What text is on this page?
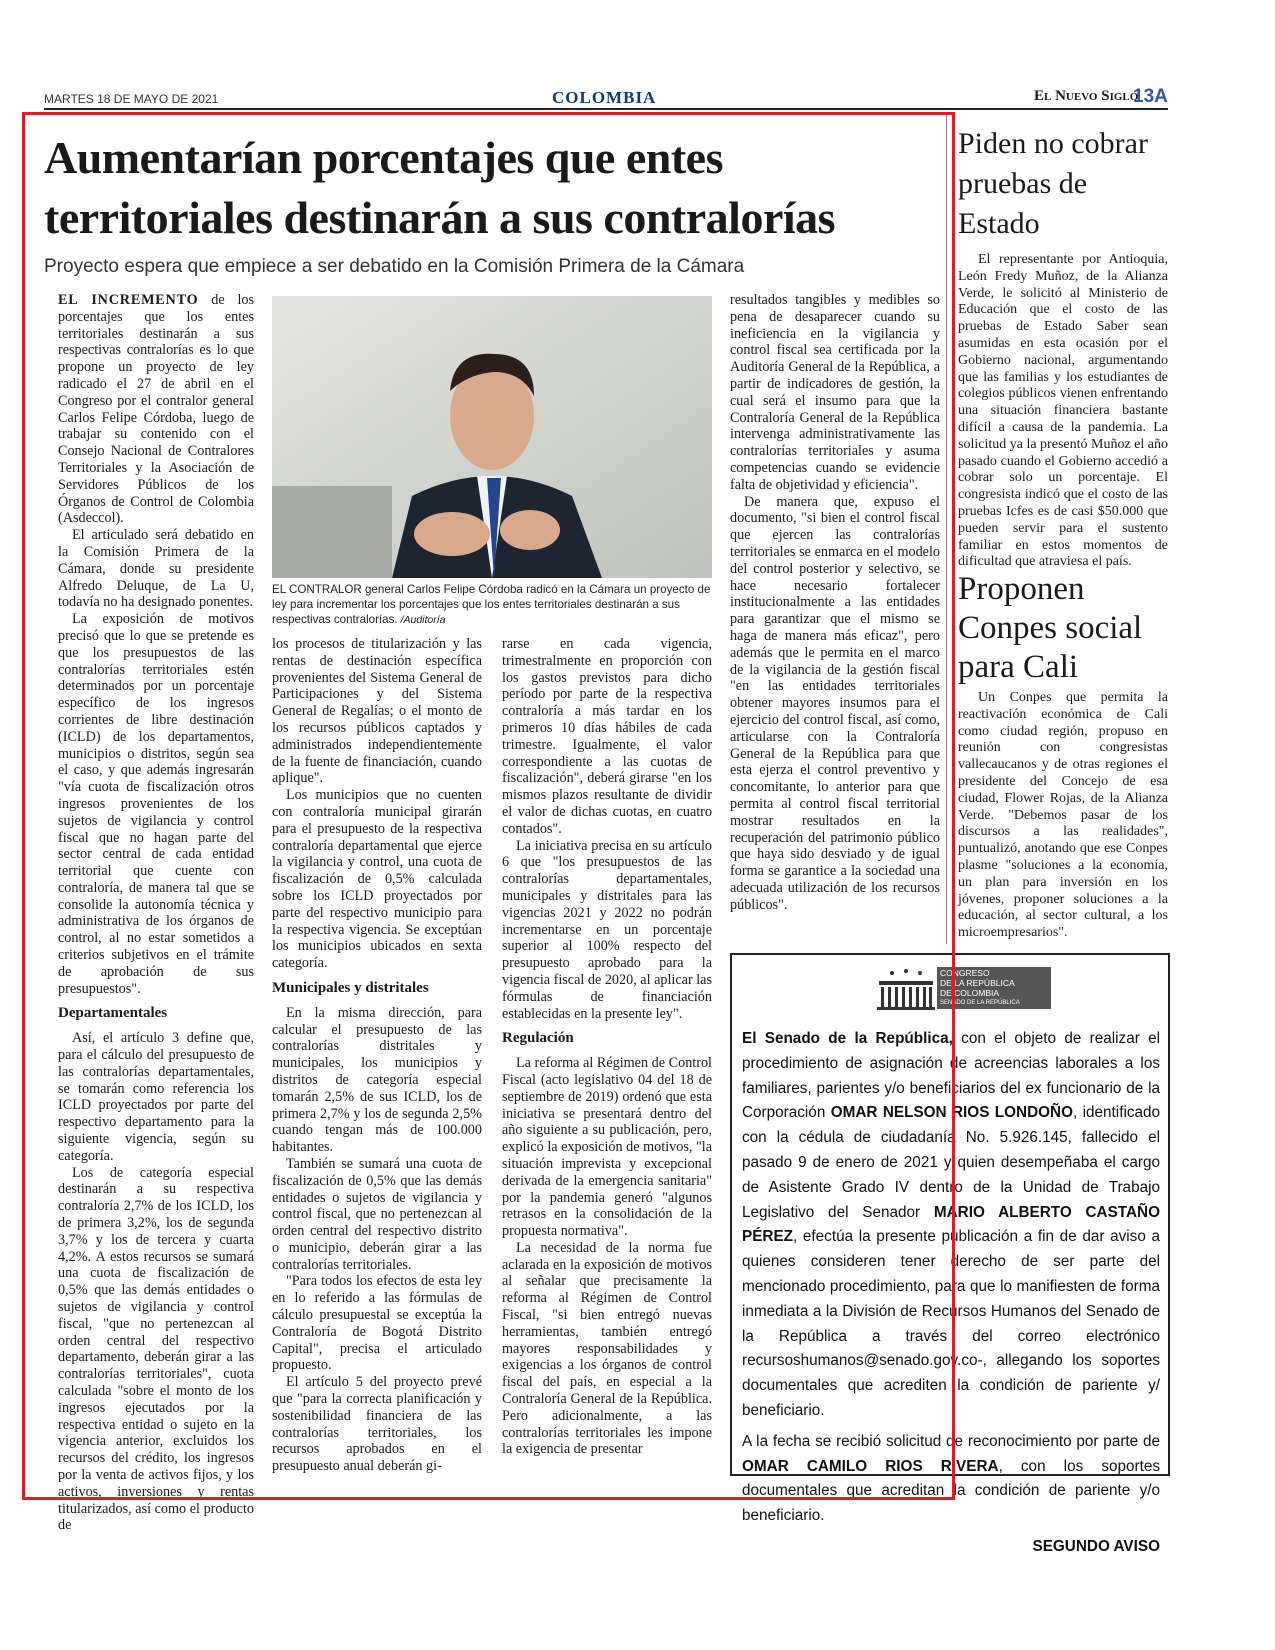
MARTES 18 DE MAYO DE 2021	COLOMBIA	El Nuevo Siglo
13A
Aumentarían porcentajes que entes
territoriales destinarán a sus contralorías
Proyecto espera que empiece a ser debatido en la Comisión Primera de la Cámara

EL INCREMENTO de los porcentajes que los entes territoriales destinarán a sus respectivas contralorías es lo que propone un proyecto de ley radicado el 27 de abril en el Congreso por el contralor general Carlos Felipe Córdoba, luego de trabajar su contenido con el Consejo Nacional de Contralores Territoriales y la Asociación de Servidores Públicos de los Órganos de Control de Colombia (Asdeccol).

El articulado será debatido en la Comisión Primera de la Cámara, donde su presidente Alfredo Deluque, de La U, todavía no ha designado ponentes.

La exposición de motivos precisó que lo que se pretende es que los presupuestos de las contralorías territoriales estén determinados por un porcentaje específico de los ingresos corrientes de libre destinación (ICLD) de los departamentos, municipios o distritos, según sea el caso, y que además ingresarán "vía cuota de fiscalización otros ingresos provenientes de los sujetos de vigilancia y control fiscal que no hagan parte del sector central de cada entidad territorial que cuente con contraloría, de manera tal que se consolide la autonomía técnica y administrativa de los órganos de control, al no estar sometidos a criterios subjetivos en el trámite de aprobación de sus presupuestos".

Departamentales

Así, el artículo 3 define que, para el cálculo del presupuesto de las contralorías departamentales, se tomarán como referencia los ICLD proyectados por parte del respectivo departamento para la siguiente vigencia, según su categoría.

Los de categoría especial destinarán a su respectiva contraloría 2,7% de los ICLD, los de primera 3,2%, los de segunda 3,7% y los de tercera y cuarta 4,2%. A estos recursos se sumará una cuota de fiscalización de 0,5% que las demás entidades o sujetos de vigilancia y control fiscal, "que no pertenezcan al orden central del respectivo departamento, deberán girar a las contralorías territoriales", cuota calculada "sobre el monto de los ingresos ejecutados por la respectiva entidad o sujeto en la vigencia anterior, excluidos los recursos del crédito, los ingresos por la venta de activos fijos, y los activos, inversiones y rentas titularizados, así como el producto de

EL CONTRALOR general Carlos Felipe Córdoba radicó en la Cámara un proyecto de ley para incrementar los porcentajes que los entes territoriales destinarán a sus respectivas contralorías. /Auditoría

los procesos de titularización y las rentas de destinación específica provenientes del Sistema General de Participaciones y del Sistema General de Regalías; o el monto de los recursos públicos captados y administrados independientemente de la fuente de financiación, cuando aplique".

Los municipios que no cuenten con contraloría municipal girarán para el presupuesto de la respectiva contraloría departamental que ejerce la vigilancia y control, una cuota de fiscalización de 0,5% calculada sobre los ICLD proyectados por parte del respectivo municipio para la respectiva vigencia. Se exceptúan los municipios ubicados en sexta categoría.

Municipales y distritales

En la misma dirección, para calcular el presupuesto de las contralorías distritales y municipales, los municipios y distritos de categoría especial tomarán 2,5% de sus ICLD, los de primera 2,7% y los de segunda 2,5% cuando tengan más de 100.000 habitantes.

También se sumará una cuota de fiscalización de 0,5% que las demás entidades o sujetos de vigilancia y control fiscal, que no pertenezcan al orden central del respectivo distrito o municipio, deberán girar a las contralorías territoriales.

"Para todos los efectos de esta ley en lo referido a las fórmulas de cálculo presupuestal se exceptúa la Contraloría de Bogotá Distrito Capital", precisa el articulado propuesto.

El artículo 5 del proyecto prevé que "para la correcta planificación y sostenibilidad financiera de las contralorías territoriales, los recursos aprobados en el presupuesto anual deberán gi-

rarse en cada vigencia, trimestralmente en proporción con los gastos previstos para dicho período por parte de la respectiva contraloría a más tardar en los primeros 10 días hábiles de cada trimestre. Igualmente, el valor correspondiente a las cuotas de fiscalización", deberá girarse "en los mismos plazos resultante de dividir el valor de dichas cuotas, en cuatro contados".

La iniciativa precisa en su artículo 6 que "los presupuestos de las contralorías departamentales, municipales y distritales para las vigencias 2021 y 2022 no podrán incrementarse en un porcentaje superior al 100% respecto del presupuesto aprobado para la vigencia fiscal de 2020, al aplicar las fórmulas de financiación establecidas en la presente ley".

Regulación

La reforma al Régimen de Control Fiscal (acto legislativo 04 del 18 de septiembre de 2019) ordenó que esta iniciativa se presentará dentro del año siguiente a su publicación, pero, explicó la exposición de motivos, "la situación imprevista y excepcional derivada de la emergencia sanitaria" por la pandemia generó "algunos retrasos en la consolidación de la propuesta normativa".

La necesidad de la norma fue aclarada en la exposición de motivos al señalar que precisamente la reforma al Régimen de Control Fiscal, "si bien entregó nuevas herramientas, también entregó mayores responsabilidades y exigencias a los órganos de control fiscal del país, en especial a la Contraloría General de la República. Pero adicionalmente, a las contralorías territoriales les impone la exigencia de presentar

resultados tangibles y medibles so pena de desaparecer cuando su ineficiencia en la vigilancia y control fiscal sea certificada por la Auditoría General de la República, a partir de indicadores de gestión, la cual será el insumo para que la Contraloría General de la República intervenga administrativamente las contralorías territoriales y asuma competencias cuando se evidencie falta de objetividad y eficiencia".

De manera que, expuso el documento, "si bien el control fiscal que ejercen las contralorías territoriales se enmarca en el modelo del control posterior y selectivo, se hace necesario fortalecer institucionalmente a las entidades para garantizar que el mismo se haga de manera más eficaz", pero además que le permita en el marco de la vigilancia de la gestión fiscal "en las entidades territoriales obtener mayores insumos para el ejercicio del control fiscal, así como, articularse con la Contraloría General de la República para que esta ejerza el control preventivo y concomitante, lo anterior para que permita al control fiscal territorial mostrar resultados en la recuperación del patrimonio público que haya sido desviado y de igual forma se garantice a la sociedad una adecuada utilización de los recursos públicos".

Piden no cobrar
pruebas de
Estado

El representante por Antioquia, León Fredy Muñoz, de la Alianza Verde, le solicitó al Ministerio de Educación que el costo de las pruebas de Estado Saber sean asumidas en esta ocasión por el Gobierno nacional, argumentando que las familias y los estudiantes de colegios públicos vienen enfrentando una situación financiera bastante difícil a causa de la pandemia. La solicitud ya la presentó Muñoz el año pasado cuando el Gobierno accedió a cobrar solo un porcentaje. El congresista indicó que el costo de las pruebas Icfes es de casi $50.000 que pueden servir para el sustento familiar en estos momentos de dificultad que atraviesa el país.

Proponen
Conpes social
para Cali

Un Conpes que permita la reactivación económica de Cali como ciudad región, propuso en reunión con congresistas vallecaucanos y de otras regiones el presidente del Concejo de esa ciudad, Flower Rojas, de la Alianza Verde. "Debemos pasar de los discursos a las realidades", puntualizó, anotando que ese Conpes plasme "soluciones a la economía, un plan para inversión en los jóvenes, proponer soluciones a la educación, al sector cultural, a los microempresarios".

CONGRESO
DE LA REPÚBLICA
DE COLOMBIA
SENADO DE LA REPÚBLICA

El Senado de la República, con el objeto de realizar el procedimiento de asignación de acreencias laborales a los familiares, parientes y/o beneficiarios del ex funcionario de la Corporación OMAR NELSON RIOS LONDOÑO, identificado con la cédula de ciudadanía No. 5.926.145, fallecido el pasado 9 de enero de 2021 y quien desempeñaba el cargo de Asistente Grado IV dentro de la Unidad de Trabajo Legislativo del Senador MARIO ALBERTO CASTAÑO PÉREZ, efectúa la presente publicación a fin de dar aviso a quienes consideren tener derecho de ser parte del mencionado procedimiento, para que lo manifiesten de forma inmediata a la División de Recursos Humanos del Senado de la República a través del correo electrónico recursoshumanos@senado.gov.co-, allegando los soportes documentales que acrediten la condición de pariente y/ beneficiario.

A la fecha se recibió solicitud de reconocimiento por parte de OMAR CAMILO RIOS RIVERA, con los soportes documentales que acreditan la condición de pariente y/o beneficiario.

SEGUNDO AVISO
